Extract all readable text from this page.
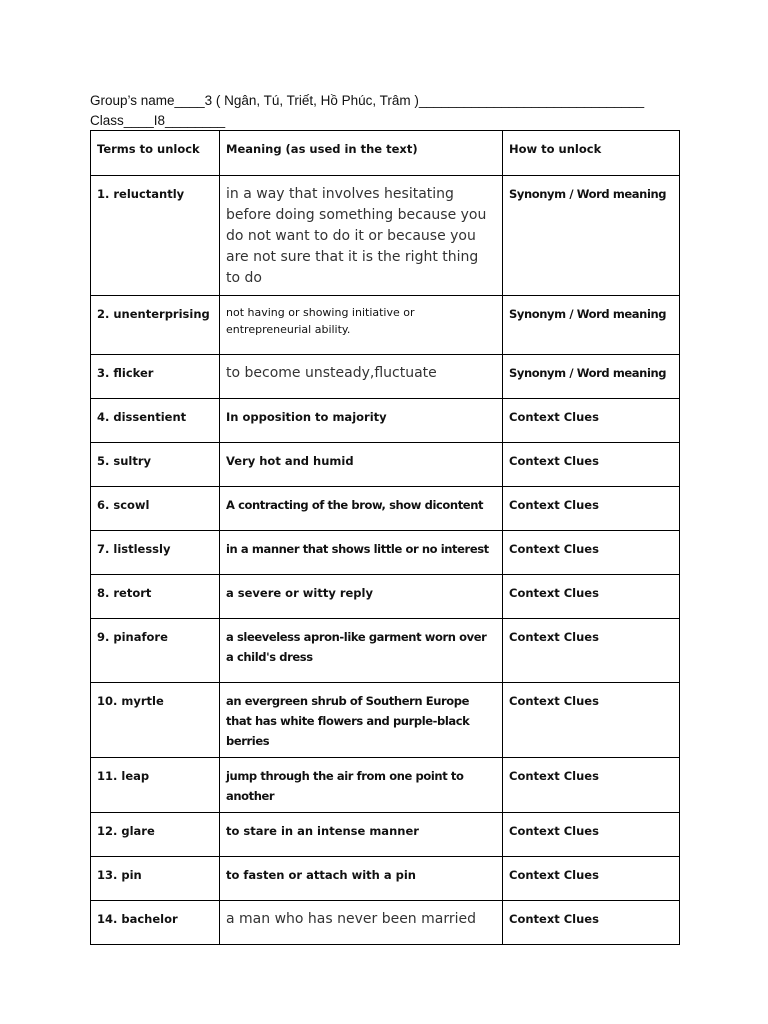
Group’s name____3 ( Ngân, Tú, Triết, Hồ Phúc, Trâm )______________________________
Class____I8________
Terms to unlock	Meaning (as used in the text)	How to unlock
1. reluctantly	in a way that involves hesitating before doing something because you do not want to do it or because you are not sure that it is the right thing to do	Synonym / Word meaning
2. unenterprising	not having or showing initiative or entrepreneurial ability.	Synonym / Word meaning
3. flicker	to become unsteady,fluctuate	Synonym / Word meaning
4. dissentient	In opposition to majority	Context Clues
5. sultry	Very hot and humid	Context Clues
6. scowl	A contracting of the brow, show dicontent	Context Clues
7. listlessly	in a manner that shows little or no interest	Context Clues
8. retort	a severe or witty reply	Context Clues
9. pinafore	a sleeveless apron-like garment worn over a child's dress	Context Clues
10. myrtle	an evergreen shrub of Southern Europe that has white flowers and purple-black berries	Context Clues
11. leap	jump through the air from one point to another	Context Clues
12. glare	to stare in an intense manner	Context Clues
13. pin	to fasten or attach with a pin	Context Clues
14. bachelor	a man who has never been married	Context Clues
